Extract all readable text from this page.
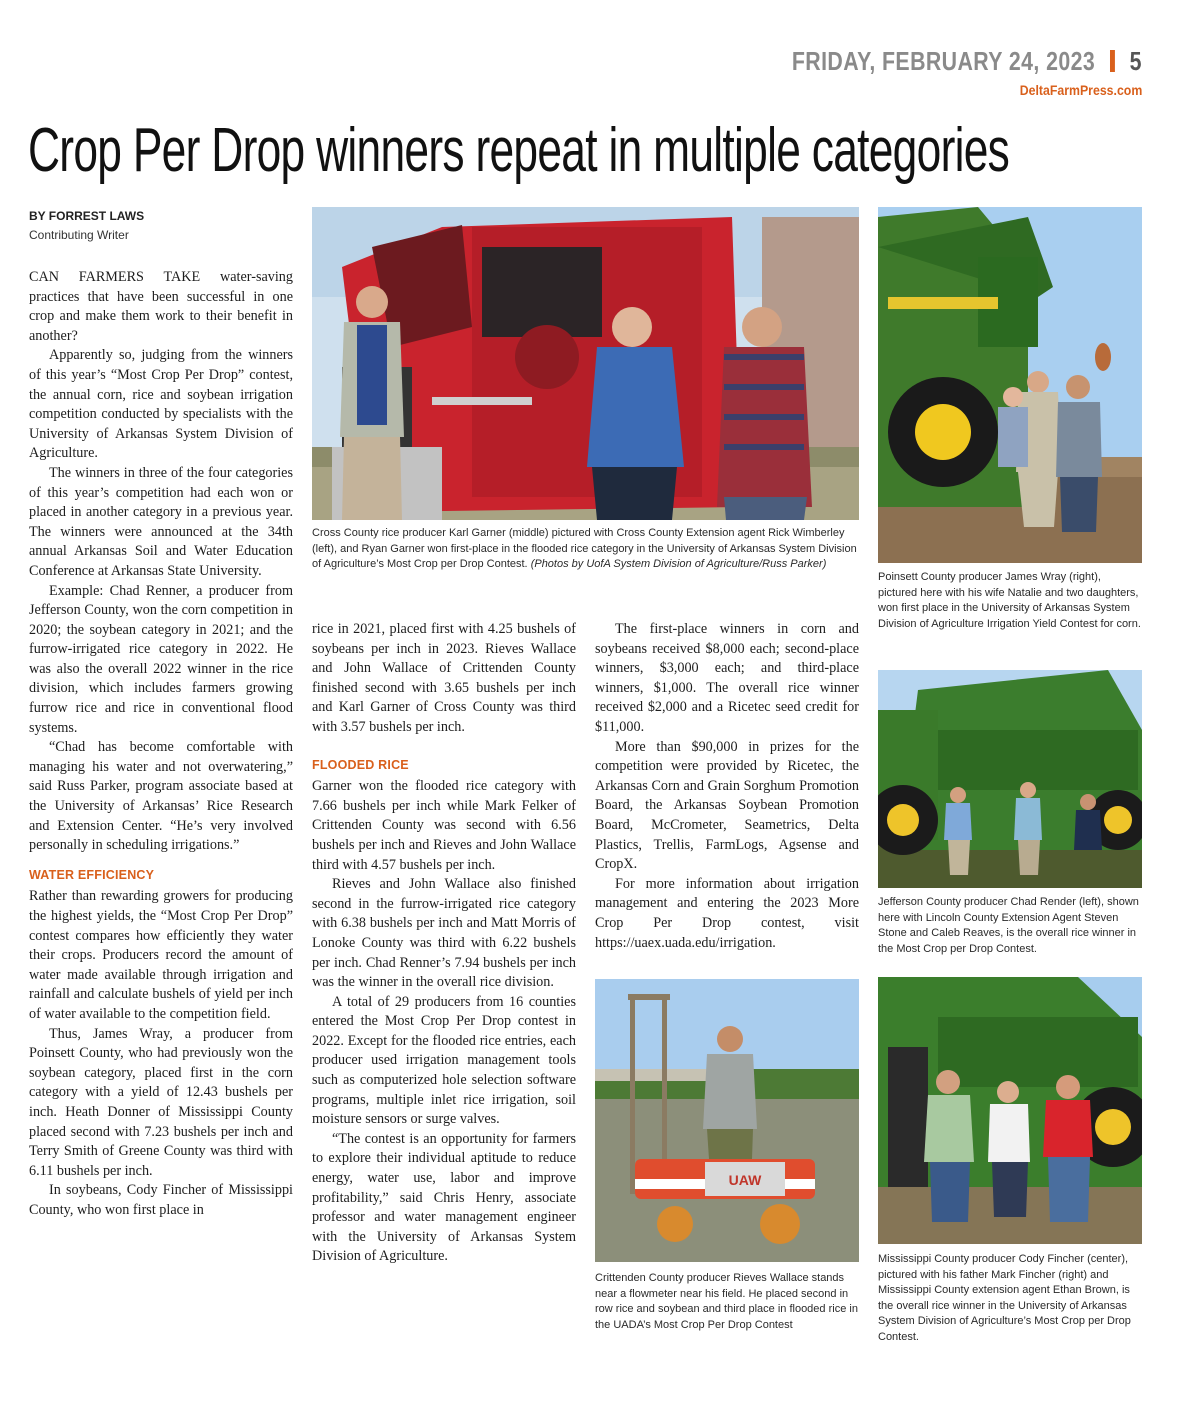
FRIDAY, FEBRUARY 24, 2023 5
DeltaFarmPress.com
Crop Per Drop winners repeat in multiple categories
BY FORREST LAWS
Contributing Writer

CAN FARMERS TAKE water-saving practices that have been successful in one crop and make them work to their benefit in another?

Apparently so, judging from the winners of this year’s “Most Crop Per Drop” contest, the annual corn, rice and soybean irrigation competition conducted by specialists with the University of Arkansas System Division of Agriculture.

The winners in three of the four categories of this year’s competition had each won or placed in another category in a previous year. The winners were announced at the 34th annual Arkansas Soil and Water Education Conference at Arkansas State University.

Example: Chad Renner, a producer from Jefferson County, won the corn competition in 2020; the soybean category in 2021; and the furrow-irrigated rice category in 2022. He was also the overall 2022 winner in the rice division, which includes farmers growing furrow rice and rice in conventional flood systems.

“Chad has become comfortable with managing his water and not overwatering,” said Russ Parker, program associate based at the University of Arkansas’ Rice Research and Extension Center. “He’s very involved personally in scheduling irrigations.”

WATER EFFICIENCY

Rather than rewarding growers for producing the highest yields, the “Most Crop Per Drop” contest compares how efficiently they water their crops. Producers record the amount of water made available through irrigation and rainfall and calculate bushels of yield per inch of water available to the competition field.

Thus, James Wray, a producer from Poinsett County, who had previously won the soybean category, placed first in the corn category with a yield of 12.43 bushels per inch. Heath Donner of Mississippi County placed second with 7.23 bushels per inch and Terry Smith of Greene County was third with 6.11 bushels per inch.

In soybeans, Cody Fincher of Mississippi County, who won first place in

rice in 2021, placed first with 4.25 bushels of soybeans per inch in 2023. Rieves Wallace and John Wallace of Crittenden County finished second with 3.65 bushels per inch and Karl Garner of Cross County was third with 3.57 bushels per inch.

FLOODED RICE

Garner won the flooded rice category with 7.66 bushels per inch while Mark Felker of Crittenden County was second with 6.56 bushels per inch and Rieves and John Wallace third with 4.57 bushels per inch.

Rieves and John Wallace also finished second in the furrow-irrigated rice category with 6.38 bushels per inch and Matt Morris of Lonoke County was third with 6.22 bushels per inch. Chad Renner’s 7.94 bushels per inch was the winner in the overall rice division.

A total of 29 producers from 16 counties entered the Most Crop Per Drop contest in 2022. Except for the flooded rice entries, each producer used irrigation management tools such as computerized hole selection software programs, multiple inlet rice irrigation, soil moisture sensors or surge valves.

“The contest is an opportunity for farmers to explore their individual aptitude to reduce energy, water use, labor and improve profitability,” said Chris Henry, associate professor and water management engineer with the University of Arkansas System Division of Agriculture.

The first-place winners in corn and soybeans received $8,000 each; second-place winners, $3,000 each; and third-place winners, $1,000. The overall rice winner received $2,000 and a Ricetec seed credit for $11,000.

More than $90,000 in prizes for the competition were provided by Ricetec, the Arkansas Corn and Grain Sorghum Promotion Board, the Arkansas Soybean Promotion Board, McCrometer, Seametrics, Delta Plastics, Trellis, FarmLogs, Agsense and CropX.

For more information about irrigation management and entering the 2023 More Crop Per Drop contest, visit https://uaex.uada.edu/irrigation.

Cross County rice producer Karl Garner (middle) pictured with Cross County Extension agent Rick Wimberley (left), and Ryan Garner won first-place in the flooded rice category in the University of Arkansas System Division of Agriculture’s Most Crop per Drop Contest. (Photos by UofA System Division of Agriculture/Russ Parker)
Poinsett County producer James Wray (right), pictured here with his wife Natalie and two daughters, won first place in the University of Arkansas System Division of Agriculture Irrigation Yield Contest for corn.
Jefferson County producer Chad Render (left), shown here with Lincoln County Extension Agent Steven Stone and Caleb Reaves, is the overall rice winner in the Most Crop per Drop Contest.
UAW
Crittenden County producer Rieves Wallace stands near a flowmeter near his field. He placed second in row rice and soybean and third place in flooded rice in the UADA’s Most Crop Per Drop Contest
Mississippi County producer Cody Fincher (center), pictured with his father Mark Fincher (right) and Mississippi County extension agent Ethan Brown, is the overall rice winner in the University of Arkansas System Division of Agriculture’s Most Crop per Drop Contest.
